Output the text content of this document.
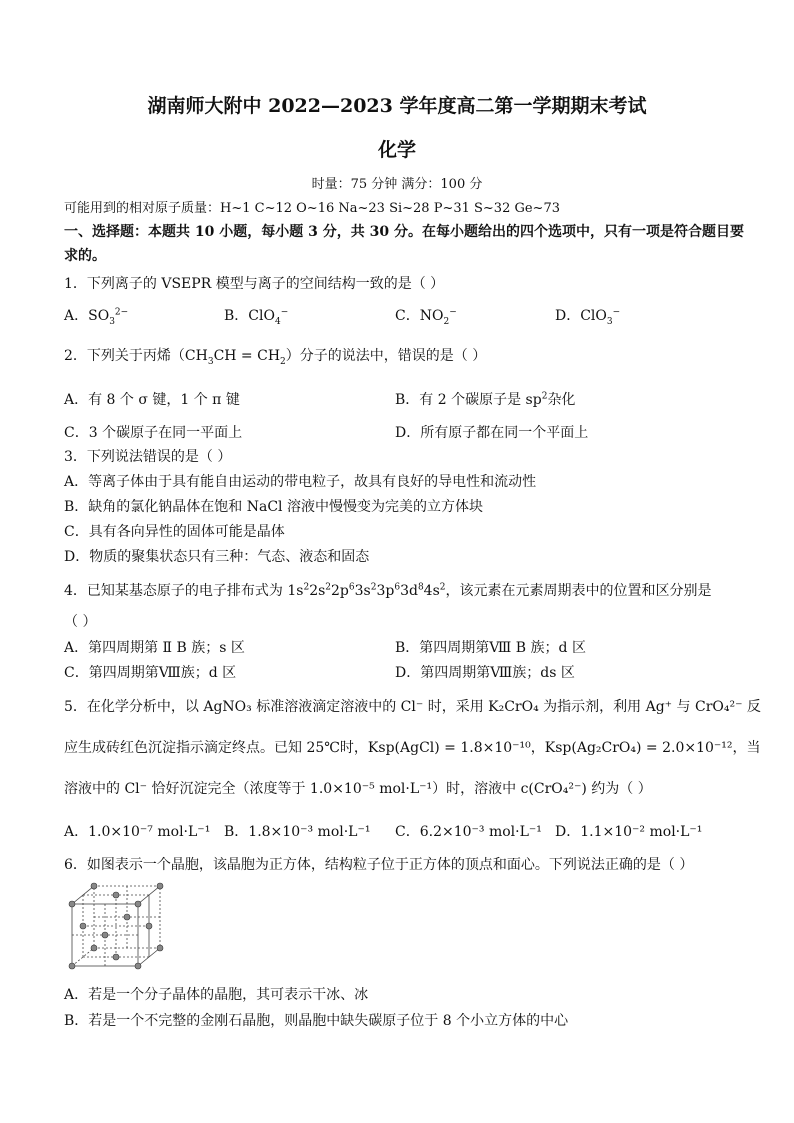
湖南师大附中 2022—2023 学年度高二第一学期期末考试
化学
时量：75 分钟 满分：100 分
可能用到的相对原子质量：H~1 C~12 O~16 Na~23 Si~28 P~31 S~32 Ge~73
一、选择题：本题共 10 小题，每小题 3 分，共 30 分。在每小题给出的四个选项中，只有一项是符合题目要
求的。
1．下列离子的 VSEPR 模型与离子的空间结构一致的是（ ）
A．$SO_3^{2-}$	B．ClO$_4$−	C．$NO_2^-$	D．ClO$_3$−
2．下列关于丙烯$(CH_3CH = CH_2)$分子的说法中，错误的是（ ）
A．有 8 个 σ 键，1 个 π 键	B．有 2 个碳原子是 $sp^2$杂化
C．3 个碳原子在同一平面上	D．所有原子都在同一个平面上
3．下列说法错误的是（ ）
A．等离子体由于具有能自由运动的带电粒子，故具有良好的导电性和流动性
B．缺角的氯化钠晶体在饱和 NaCl 溶液中慢慢变为完美的立方体块
C．具有各向异性的固体可能是晶体
D．物质的聚集状态只有三种：气态、液态和固态
4．已知某基态原子的电子排布式为 $1s^22s^22p^63s^23p^63d^84s^2$，该元素在元素周期表中的位置和区分别是
（ ）
A．第四周期第 Ⅱ B 族；s 区	B．第四周期第Ⅷ B 族；d 区
C．第四周期第Ⅷ族；d 区	D．第四周期第Ⅷ族；ds 区
5．在化学分析中，以 AgNO₃ 标准溶液滴定溶液中的 Cl⁻ 时，采用 K₂CrO₄ 为指示剂，利用 Ag⁺ 与 CrO₄²⁻ 反
应生成砖红色沉淀指示滴定终点。已知 25℃时，Ksp(AgCl) = 1.8×10⁻¹⁰，Ksp(Ag₂CrO₄) = 2.0×10⁻¹²，当
溶液中的 Cl⁻ 恰好沉淀完全（浓度等于 1.0×10⁻⁵ mol·L⁻¹）时，溶液中 c(CrO₄²⁻) 约为（ ）
A．1.0×10⁻⁷ mol·L⁻¹ B．1.8×10⁻³ mol·L⁻¹ C．6.2×10⁻³ mol·L⁻¹ D．1.1×10⁻² mol·L⁻¹
6．如图表示一个晶胞，该晶胞为正方体，结构粒子位于正方体的顶点和面心。下列说法正确的是（ ）
A．若是一个分子晶体的晶胞，其可表示干冰、冰
B．若是一个不完整的金刚石晶胞，则晶胞中缺失碳原子位于 8 个小立方体的中心
